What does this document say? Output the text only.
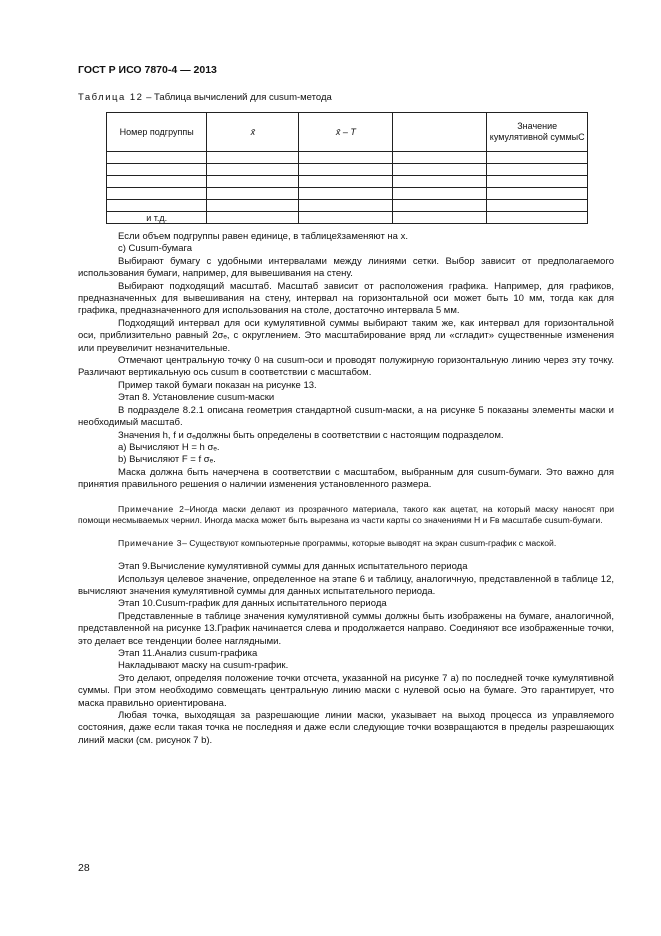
ГОСТ Р ИСО 7870-4 — 2013
Таблица 12 – Таблица вычислений для cusum-метода
Номер подгруппы	x̄	x̄ – T		Значение кумулятивной суммыC

и т.д.				

Если объем подгруппы равен единице, в таблицеx̄заменяют на x.

c) Cusum-бумага

Выбирают бумагу с удобными интервалами между линиями сетки. Выбор зависит от предполагаемого использования бумаги, например, для вывешивания на стену.

Выбирают подходящий масштаб. Масштаб зависит от расположения графика. Например, для графиков, предназначенных для вывешивания на стену, интервал на горизонтальной оси может быть 10 мм, тогда как для графика, предназначенного для использования на столе, достаточно интервала 5 мм.

Подходящий интервал для оси кумулятивной суммы выбирают таким же, как интервал для горизонтальной оси, приблизительно равный 2σₑ, с округлением. Это масштабирование вряд ли «сгладит» существенные изменения или преувеличит незначительные.

Отмечают центральную точку 0 на cusum-оси и проводят полужирную горизонтальную линию через эту точку. Различают вертикальную ось cusum в соответствии с масштабом.

Пример такой бумаги показан на рисунке 13.

Этап 8. Установление cusum-маски

В подразделе 8.2.1 описана геометрия стандартной cusum-маски, а на рисунке 5 показаны элементы маски и необходимый масштаб.

Значения h, f и σₑдолжны быть определены в соответствии с настоящим подразделом.

a) Вычисляют H = h σₑ.

b) Вычисляют F = f σₑ.

Маска должна быть начерчена в соответствии с масштабом, выбранным для cusum-бумаги. Это важно для принятия правильного решения о наличии изменения установленного размера.

Примечание 2–Иногда маски делают из прозрачного материала, такого как ацетат, на который маску наносят при помощи несмываемых чернил. Иногда маска может быть вырезана из части карты со значениями H и Fв масштабе cusum-бумаги.

Примечание 3– Существуют компьютерные программы, которые выводят на экран cusum-график с маской.

Этап 9.Вычисление кумулятивной суммы для данных испытательного периода

Используя целевое значение, определенное на этапе 6 и таблицу, аналогичную, представленной в таблице 12, вычисляют значения кумулятивной суммы для данных испытательного периода.

Этап 10.Cusum-график для данных испытательного периода

Представленные в таблице значения кумулятивной суммы должны быть изображены на бумаге, аналогичной, представленной на рисунке 13.График начинается слева и продолжается направо. Соединяют все изображенные точки, это делает все тенденции более наглядными.

Этап 11.Анализ cusum-графика

Накладывают маску на cusum-график.

Это делают, определяя положение точки отсчета, указанной на рисунке 7 a) по последней точке кумулятивной суммы. При этом необходимо совмещать центральную линию маски с нулевой осью на бумаге. Это гарантирует, что маска правильно ориентирована.

Любая точка, выходящая за разрешающие линии маски, указывает на выход процесса из управляемого состояния, даже если такая точка не последняя и даже если следующие точки возвращаются в пределы разрешающих линий маски (см. рисунок 7 b).

28
